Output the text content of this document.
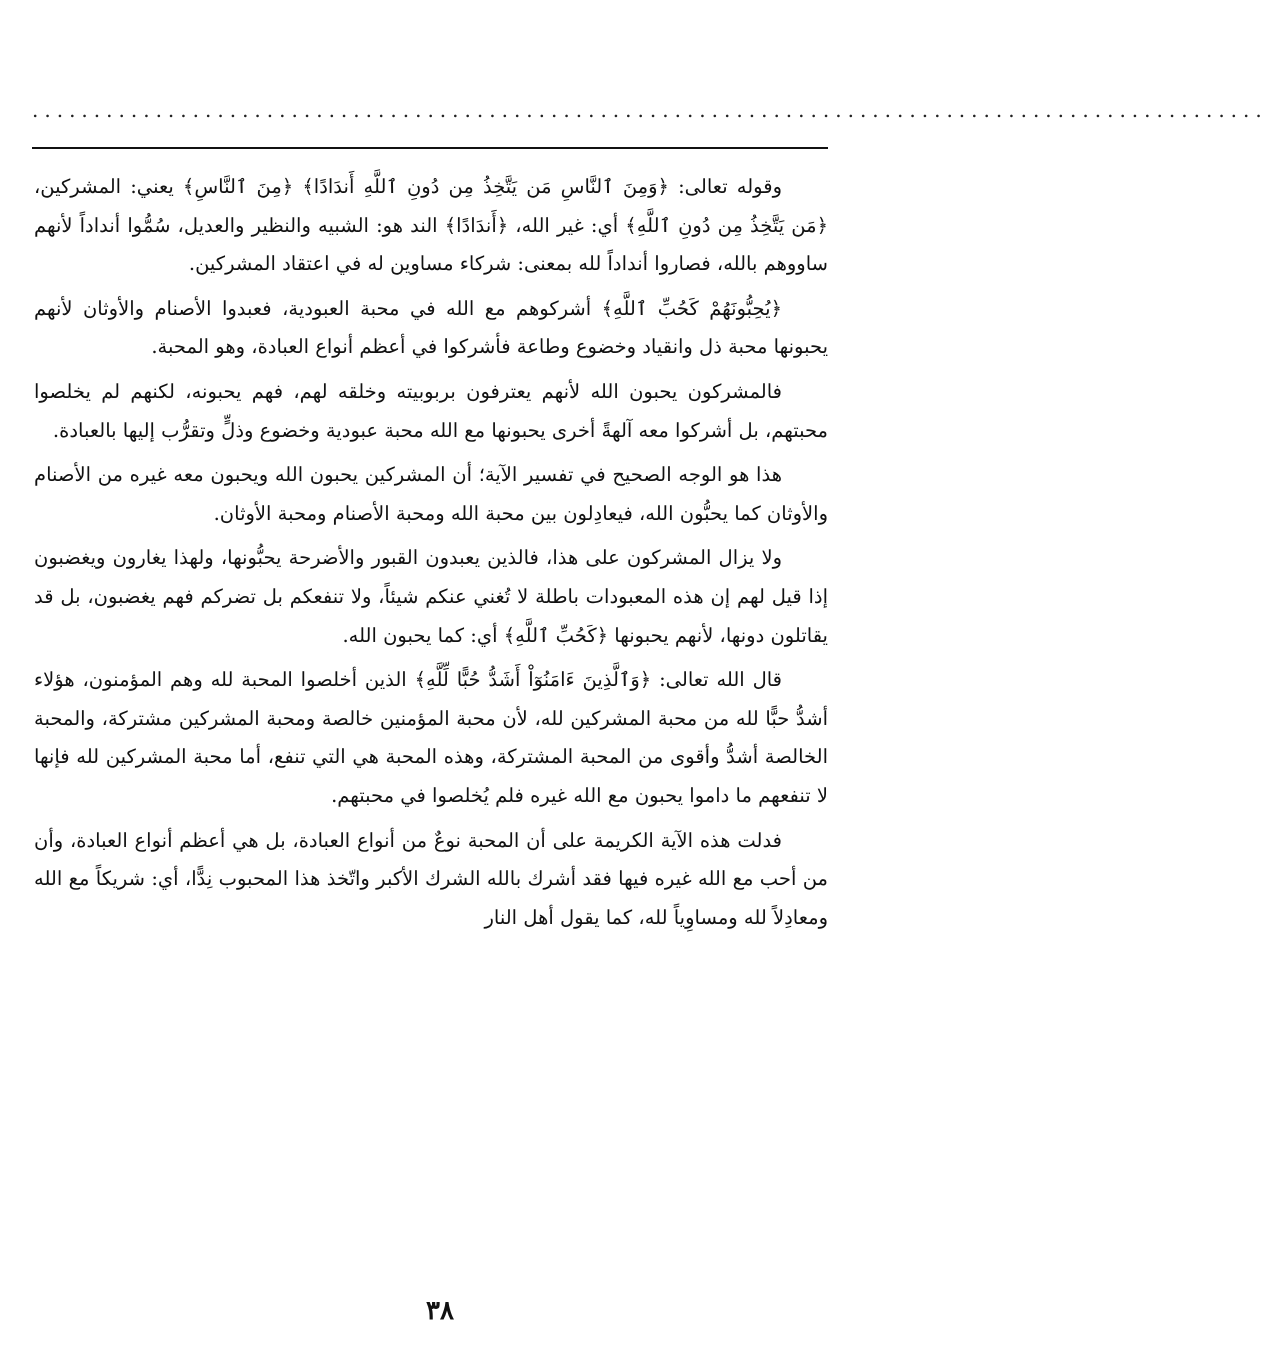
....................................................................................................

وقوله تعالى: ﴿وَمِنَ ٱلنَّاسِ مَن يَتَّخِذُ مِن دُونِ ٱللَّهِ أَندَادًا﴾ ﴿مِنَ ٱلنَّاسِ﴾ يعني: المشركين، ﴿مَن يَتَّخِذُ مِن دُونِ ٱللَّهِ﴾ أي: غير الله، ﴿أَندَادًا﴾ الند هو: الشبيه والنظير والعديل، سُمُّوا أنداداً لأنهم ساووهم بالله، فصاروا أنداداً لله بمعنى: شركاء مساوين له في اعتقاد المشركين.

﴿يُحِبُّونَهُمْ كَحُبِّ ٱللَّهِ﴾ أشركوهم مع الله في محبة العبودية، فعبدوا الأصنام والأوثان لأنهم يحبونها محبة ذل وانقياد وخضوع وطاعة فأشركوا في أعظم أنواع العبادة، وهو المحبة.

فالمشركون يحبون الله لأنهم يعترفون بربوبيته وخلقه لهم، فهم يحبونه، لكنهم لم يخلصوا محبتهم، بل أشركوا معه آلهةً أخرى يحبونها مع الله محبة عبودية وخضوع وذلٍّ وتقرُّب إليها بالعبادة.

هذا هو الوجه الصحيح في تفسير الآية؛ أن المشركين يحبون الله ويحبون معه غيره من الأصنام والأوثان كما يحبُّون الله، فيعادِلون بين محبة الله ومحبة الأصنام ومحبة الأوثان.

ولا يزال المشركون على هذا، فالذين يعبدون القبور والأضرحة يحبُّونها، ولهذا يغارون ويغضبون إذا قيل لهم إن هذه المعبودات باطلة لا تُغني عنكم شيئاً، ولا تنفعكم بل تضركم فهم يغضبون، بل قد يقاتلون دونها، لأنهم يحبونها ﴿كَحُبِّ ٱللَّهِ﴾ أي: كما يحبون الله.

قال الله تعالى: ﴿وَٱلَّذِينَ ءَامَنُوٓاْ أَشَدُّ حُبًّا لِّلَّهِ﴾ الذين أخلصوا المحبة لله وهم المؤمنون، هؤلاء أشدُّ حبًّا لله من محبة المشركين لله، لأن محبة المؤمنين خالصة ومحبة المشركين مشتركة، والمحبة الخالصة أشدُّ وأقوى من المحبة المشتركة، وهذه المحبة هي التي تنفع، أما محبة المشركين لله فإنها لا تنفعهم ما داموا يحبون مع الله غيره فلم يُخلصوا في محبتهم.

فدلت هذه الآية الكريمة على أن المحبة نوعٌ من أنواع العبادة، بل هي أعظم أنواع العبادة، وأن من أحب مع الله غيره فيها فقد أشرك بالله الشرك الأكبر واتّخذ هذا المحبوب نِدًّا، أي: شريكاً مع الله ومعادِلاً لله ومساوِياً لله، كما يقول أهل النار

٣٨
